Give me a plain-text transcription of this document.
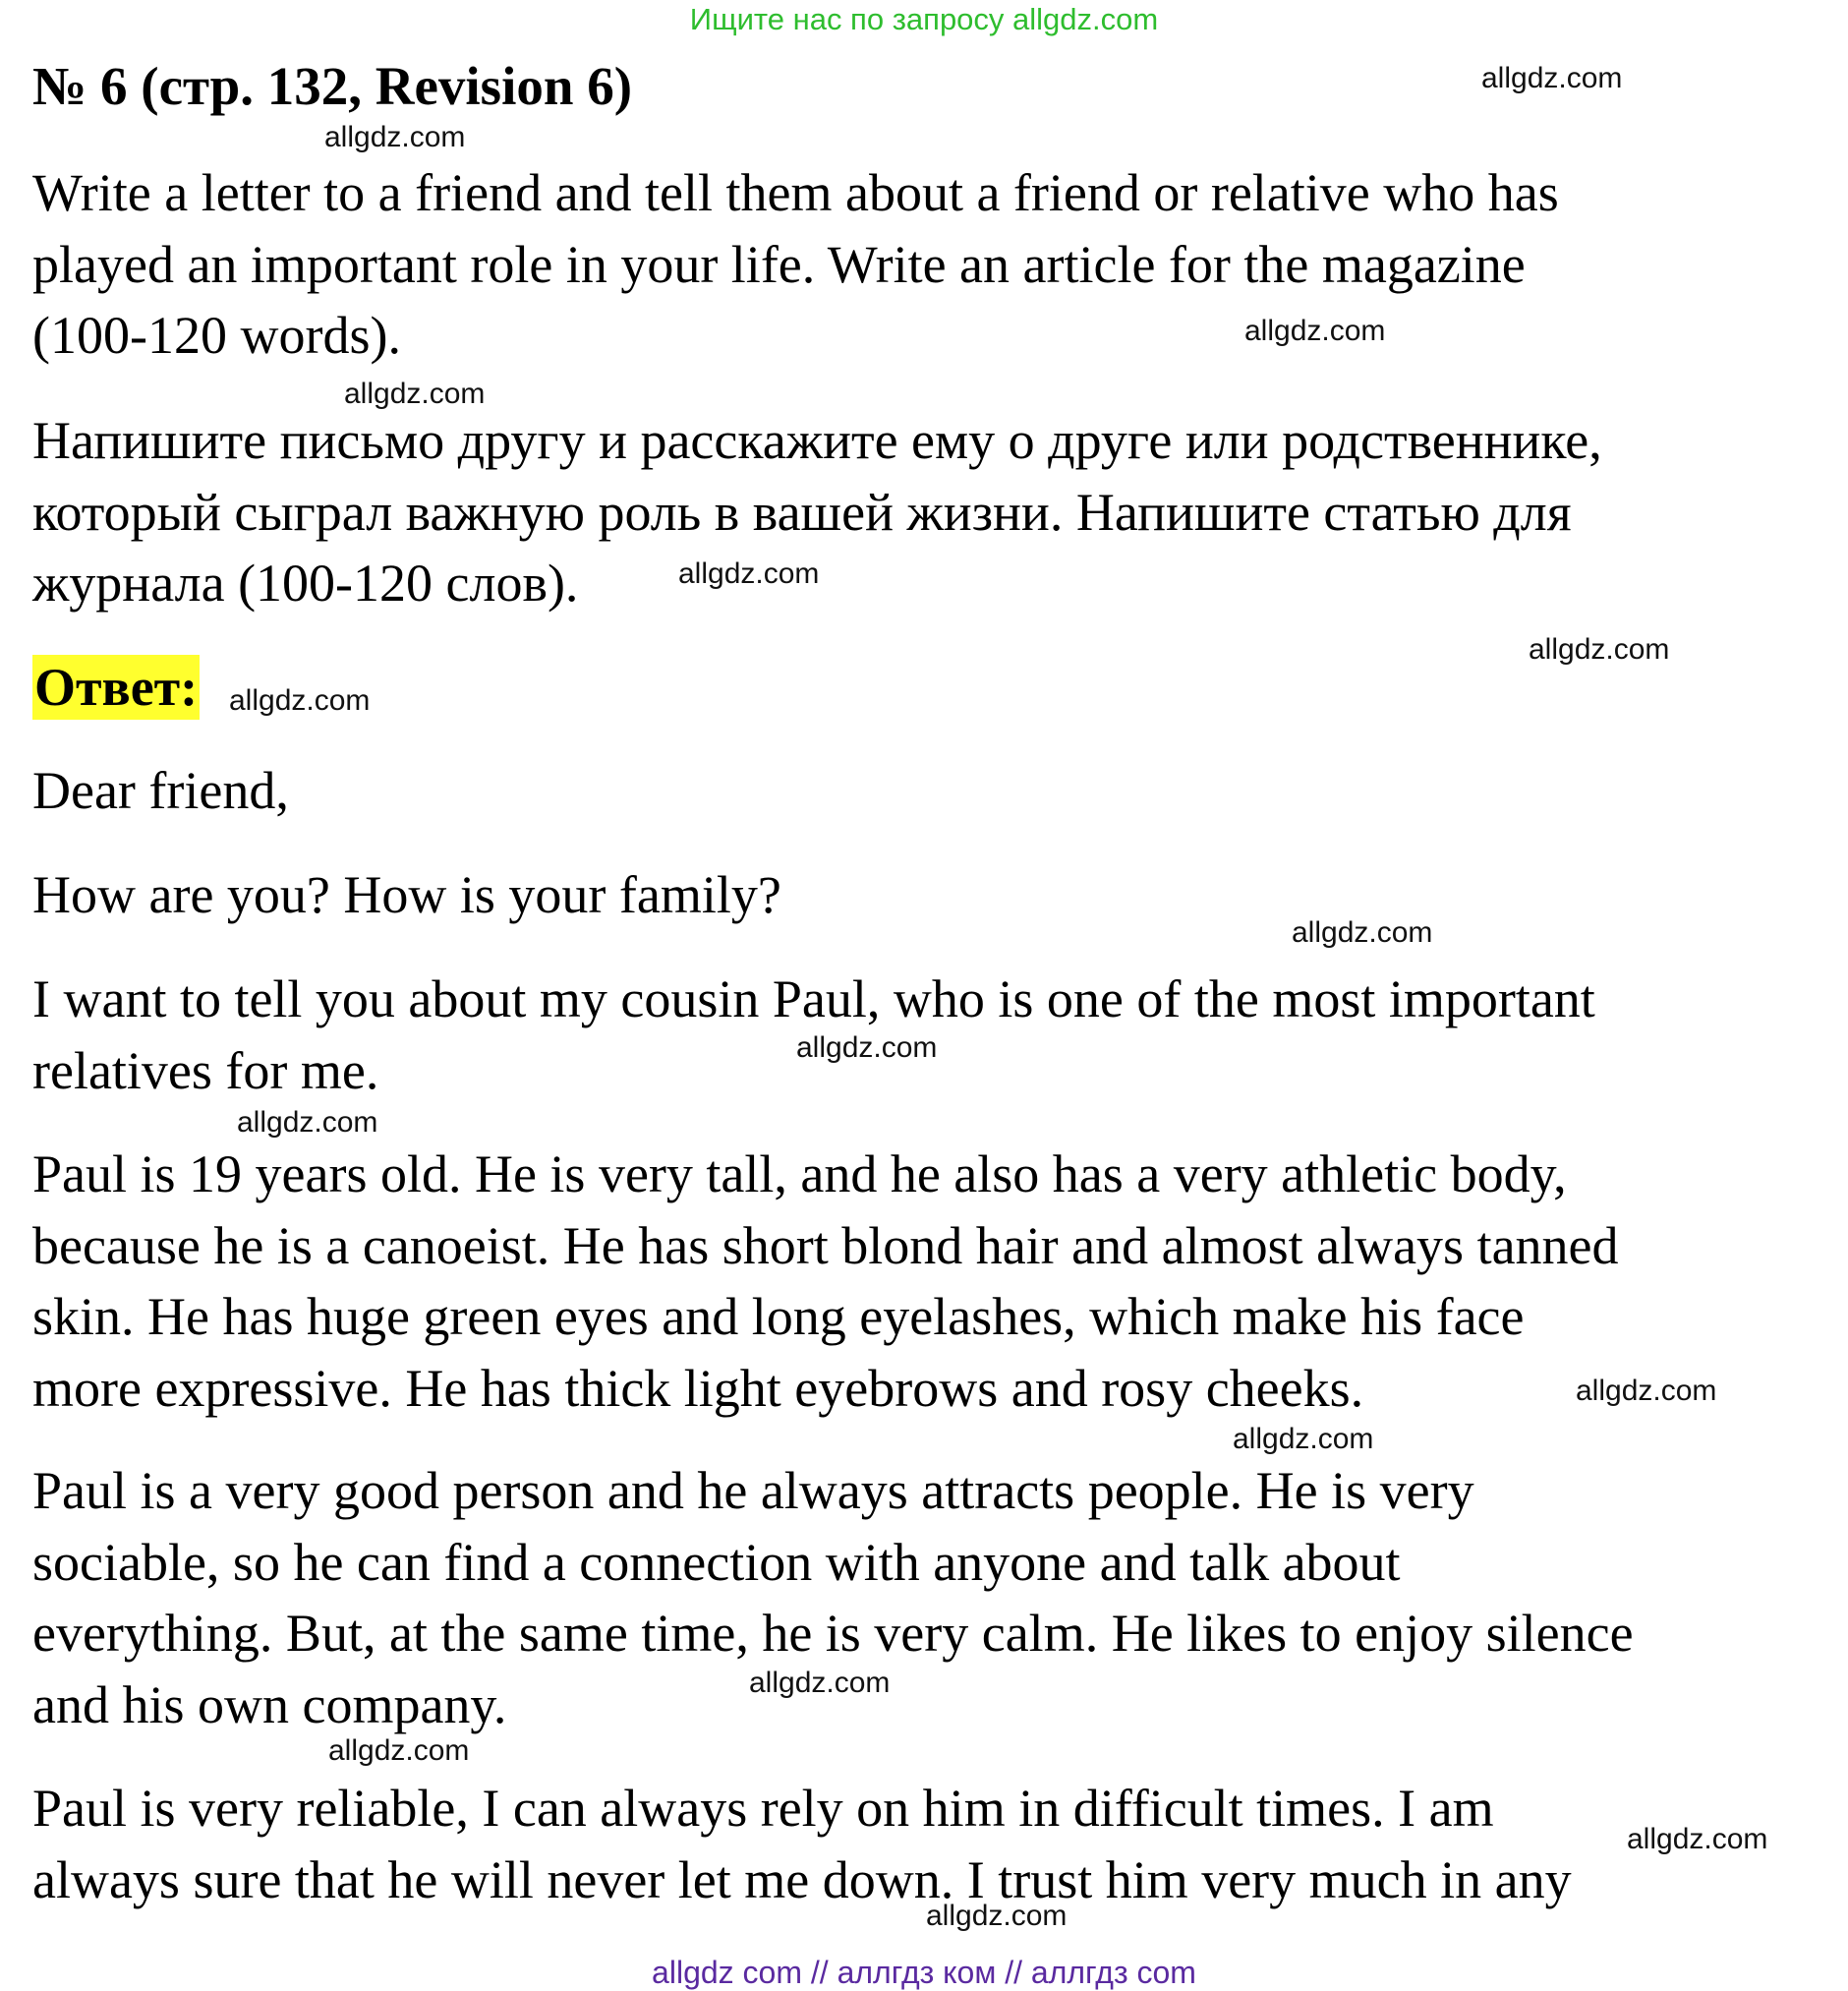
Ищите нас по запросу allgdz.com
№ 6 (стр. 132, Revision 6)
Write a letter to a friend and tell them about a friend or relative who has
played an important role in your life. Write an article for the magazine
(100-120 words).
Напишите письмо другу и расскажите ему о друге или родственнике,
который сыграл важную роль в вашей жизни. Напишите статью для
журнала (100-120 слов).
Ответ:
Dear friend,
How are you? How is your family?
I want to tell you about my cousin Paul, who is one of the most important
relatives for me.
Paul is 19 years old. He is very tall, and he also has a very athletic body,
because he is a canoeist. He has short blond hair and almost always tanned
skin. He has huge green eyes and long eyelashes, which make his face
more expressive. He has thick light eyebrows and rosy cheeks.
Paul is a very good person and he always attracts people. He is very
sociable, so he can find a connection with anyone and talk about
everything. But, at the same time, he is very calm. He likes to enjoy silence
and his own company.
Paul is very reliable, I can always rely on him in difficult times. I am
always sure that he will never let me down. I trust him very much in any
allgdz.com
allgdz.com
allgdz.com
allgdz.com
allgdz.com
allgdz.com
allgdz.com
allgdz.com
allgdz.com
allgdz.com
allgdz.com
allgdz.com
allgdz.com
allgdz.com
allgdz.com
allgdz.com
allgdz com // аллгдз ком // аллгдз com
